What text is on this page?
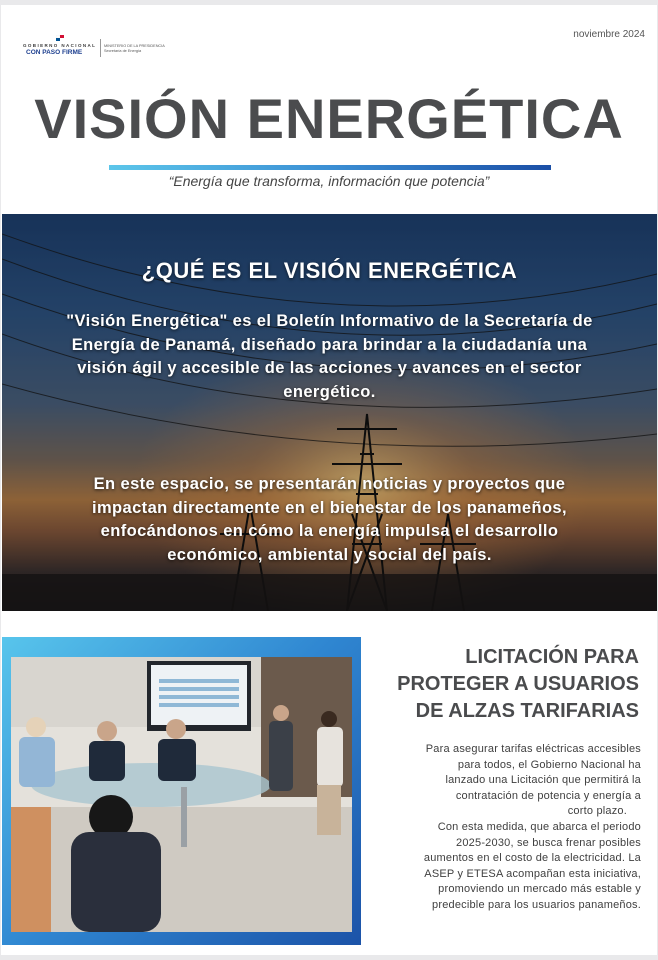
GOBIERNO NACIONAL
CON PASO FIRME
MINISTERIO DE LA PRESIDENCIA
Secretaría de Energía
noviembre 2024
VISIÓN ENERGÉTICA
“Energía que transforma, información que potencia”
¿QUÉ ES EL VISIÓN ENERGÉTICA
"Visión Energética" es el Boletín Informativo de la Secretaría de Energía de Panamá, diseñado para brindar a la ciudadanía una visión ágil y accesible de las acciones y avances en el sector energético.
En este espacio, se presentarán noticias y proyectos que impactan directamente en el bienestar de los panameños, enfocándonos en cómo la energía impulsa el desarrollo económico, ambiental y social del país.
LICITACIÓN PARA
PROTEGER A USUARIOS
DE ALZAS TARIFARIAS
Para asegurar tarifas eléctricas accesibles
para todos, el Gobierno Nacional ha
lanzado una Licitación que permitirá la
contratación de potencia y energía a
corto plazo.
Con esta medida, que abarca el periodo
2025-2030, se busca frenar posibles
aumentos en el costo de la electricidad. La
ASEP y ETESA acompañan esta iniciativa,
promoviendo un mercado más estable y
predecible para los usuarios panameños.
